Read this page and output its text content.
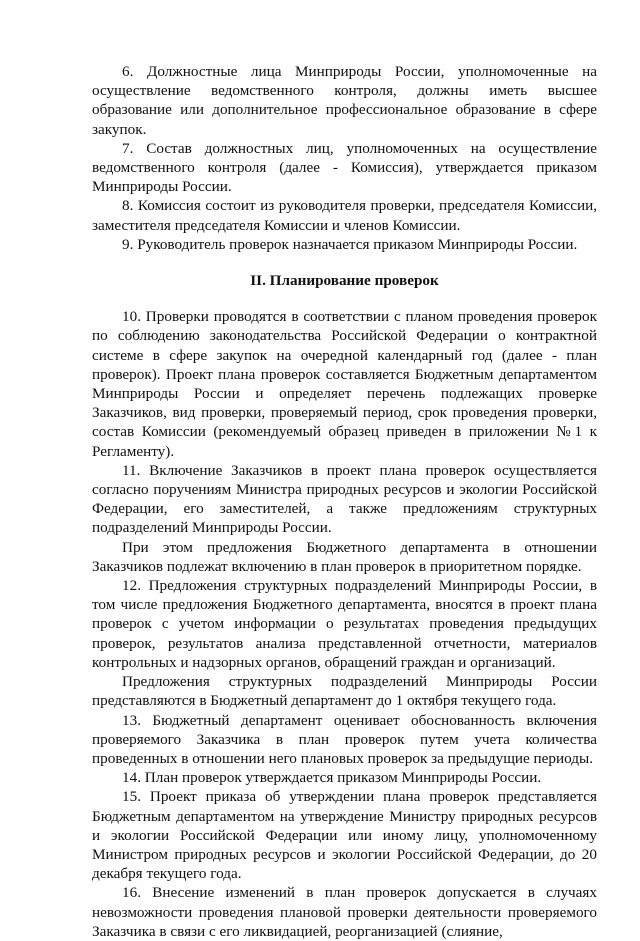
6. Должностные лица Минприроды России, уполномоченные на осуществление ведомственного контроля, должны иметь высшее образование или дополнительное профессиональное образование в сфере закупок.

7. Состав должностных лиц, уполномоченных на осуществление ведомственного контроля (далее - Комиссия), утверждается приказом Минприроды России.

8. Комиссия состоит из руководителя проверки, председателя Комиссии, заместителя председателя Комиссии и членов Комиссии.

9. Руководитель проверок назначается приказом Минприроды России.

II. Планирование проверок

10. Проверки проводятся в соответствии с планом проведения проверок по соблюдению законодательства Российской Федерации о контрактной системе в сфере закупок на очередной календарный год (далее - план проверок). Проект плана проверок составляется Бюджетным департаментом Минприроды России и определяет перечень подлежащих проверке Заказчиков, вид проверки, проверяемый период, срок проведения проверки, состав Комиссии (рекомендуемый образец приведен в приложении №1 к Регламенту).

11. Включение Заказчиков в проект плана проверок осуществляется согласно поручениям Министра природных ресурсов и экологии Российской Федерации, его заместителей, а также предложениям структурных подразделений Минприроды России.

При этом предложения Бюджетного департамента в отношении Заказчиков подлежат включению в план проверок в приоритетном порядке.

12. Предложения структурных подразделений Минприроды России, в том числе предложения Бюджетного департамента, вносятся в проект плана проверок с учетом информации о результатах проведения предыдущих проверок, результатов анализа представленной отчетности, материалов контрольных и надзорных органов, обращений граждан и организаций.

Предложения структурных подразделений Минприроды России представляются в Бюджетный департамент до 1 октября текущего года.

13. Бюджетный департамент оценивает обоснованность включения проверяемого Заказчика в план проверок путем учета количества проведенных в отношении него плановых проверок за предыдущие периоды.

14. План проверок утверждается приказом Минприроды России.

15. Проект приказа об утверждении плана проверок представляется Бюджетным департаментом на утверждение Министру природных ресурсов и экологии Российской Федерации или иному лицу, уполномоченному Министром природных ресурсов и экологии Российской Федерации, до 20 декабря текущего года.

16. Внесение изменений в план проверок допускается в случаях невозможности проведения плановой проверки деятельности проверяемого Заказчика в связи с его ликвидацией, реорганизацией (слияние,
